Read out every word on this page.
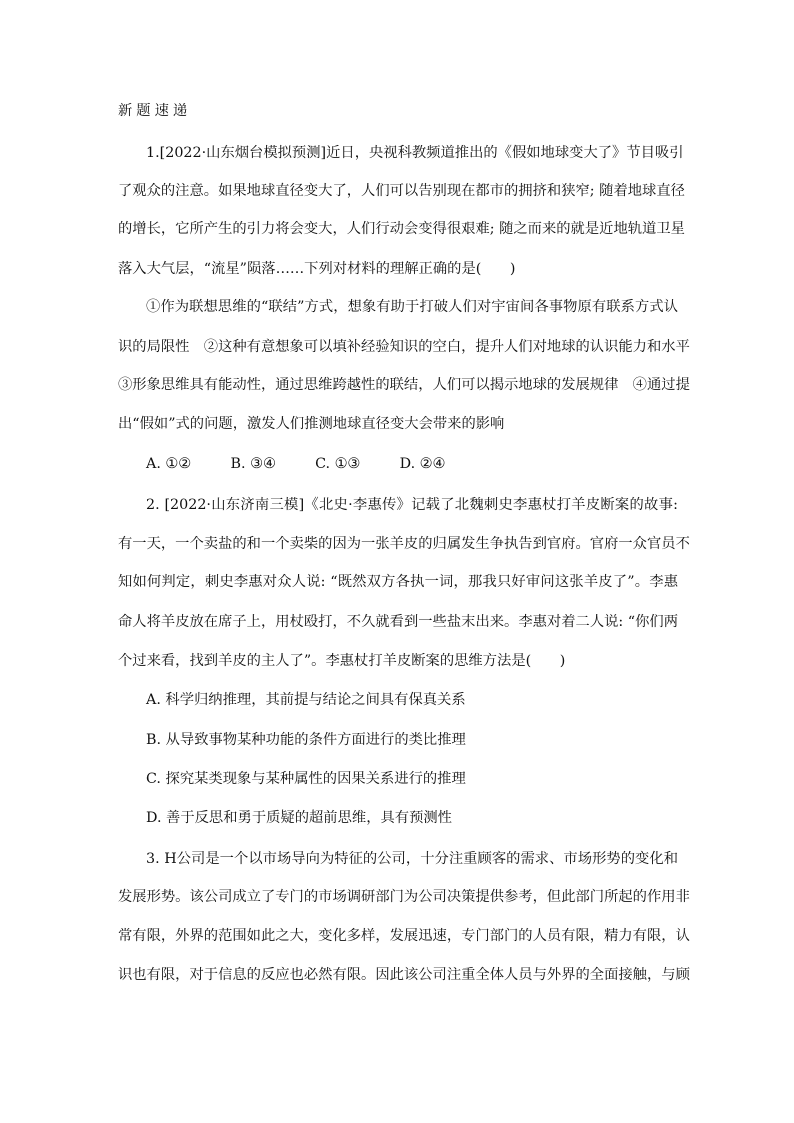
新题速递
1.[2022·山东烟台模拟预测]近日，央视科教频道推出的《假如地球变大了》节目吸引
了观众的注意。如果地球直径变大了，人们可以告别现在都市的拥挤和狭窄; 随着地球直径
的增长，它所产生的引力将会变大，人们行动会变得很艰难; 随之而来的就是近地轨道卫星
落入大气层，“流星”陨落……下列对材料的理解正确的是(　　)
①作为联想思维的“联结”方式，想象有助于打破人们对宇宙间各事物原有联系方式认
识的局限性　②这种有意想象可以填补经验知识的空白，提升人们对地球的认识能力和水平
③形象思维具有能动性，通过思维跨越性的联结，人们可以揭示地球的发展规律　④通过提
出“假如”式的问题，激发人们推测地球直径变大会带来的影响
A. ①②	B. ③④	C. ①③	D. ②④
2. [2022·山东济南三模]《北史·李惠传》记载了北魏刺史李惠杖打羊皮断案的故事:
有一天，一个卖盐的和一个卖柴的因为一张羊皮的归属发生争执告到官府。官府一众官员不
知如何判定，刺史李惠对众人说: “既然双方各执一词，那我只好审问这张羊皮了”。李惠
命人将羊皮放在席子上，用杖殴打，不久就看到一些盐末出来。李惠对着二人说: “你们两
个过来看，找到羊皮的主人了”。李惠杖打羊皮断案的思维方法是(　　)
A. 科学归纳推理，其前提与结论之间具有保真关系
B. 从导致事物某种功能的条件方面进行的类比推理
C. 探究某类现象与某种属性的因果关系进行的推理
D. 善于反思和勇于质疑的超前思维，具有预测性
3. H公司是一个以市场导向为特征的公司，十分注重顾客的需求、市场形势的变化和
发展形势。该公司成立了专门的市场调研部门为公司决策提供参考，但此部门所起的作用非
常有限，外界的范围如此之大，变化多样，发展迅速，专门部门的人员有限，精力有限，认
识也有限，对于信息的反应也必然有限。因此该公司注重全体人员与外界的全面接触，与顾
